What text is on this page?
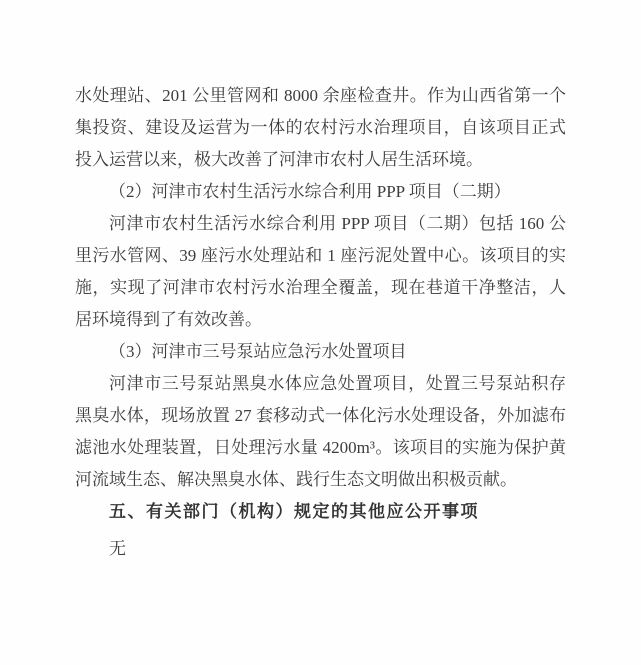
水处理站、201 公里管网和 8000 余座检查井。作为山西省第一个
集投资、建设及运营为一体的农村污水治理项目，自该项目正式
投入运营以来，极大改善了河津市农村人居生活环境。
（2）河津市农村生活污水综合利用 PPP 项目（二期）
河津市农村生活污水综合利用 PPP 项目（二期）包括 160 公
里污水管网、39 座污水处理站和 1 座污泥处置中心。该项目的实
施，实现了河津市农村污水治理全覆盖，现在巷道干净整洁，人
居环境得到了有效改善。
（3）河津市三号泵站应急污水处置项目
河津市三号泵站黑臭水体应急处置项目，处置三号泵站积存
黑臭水体，现场放置 27 套移动式一体化污水处理设备，外加滤布
滤池水处理装置，日处理污水量 4200m³。该项目的实施为保护黄
河流域生态、解决黑臭水体、践行生态文明做出积极贡献。
五、有关部门（机构）规定的其他应公开事项
无
